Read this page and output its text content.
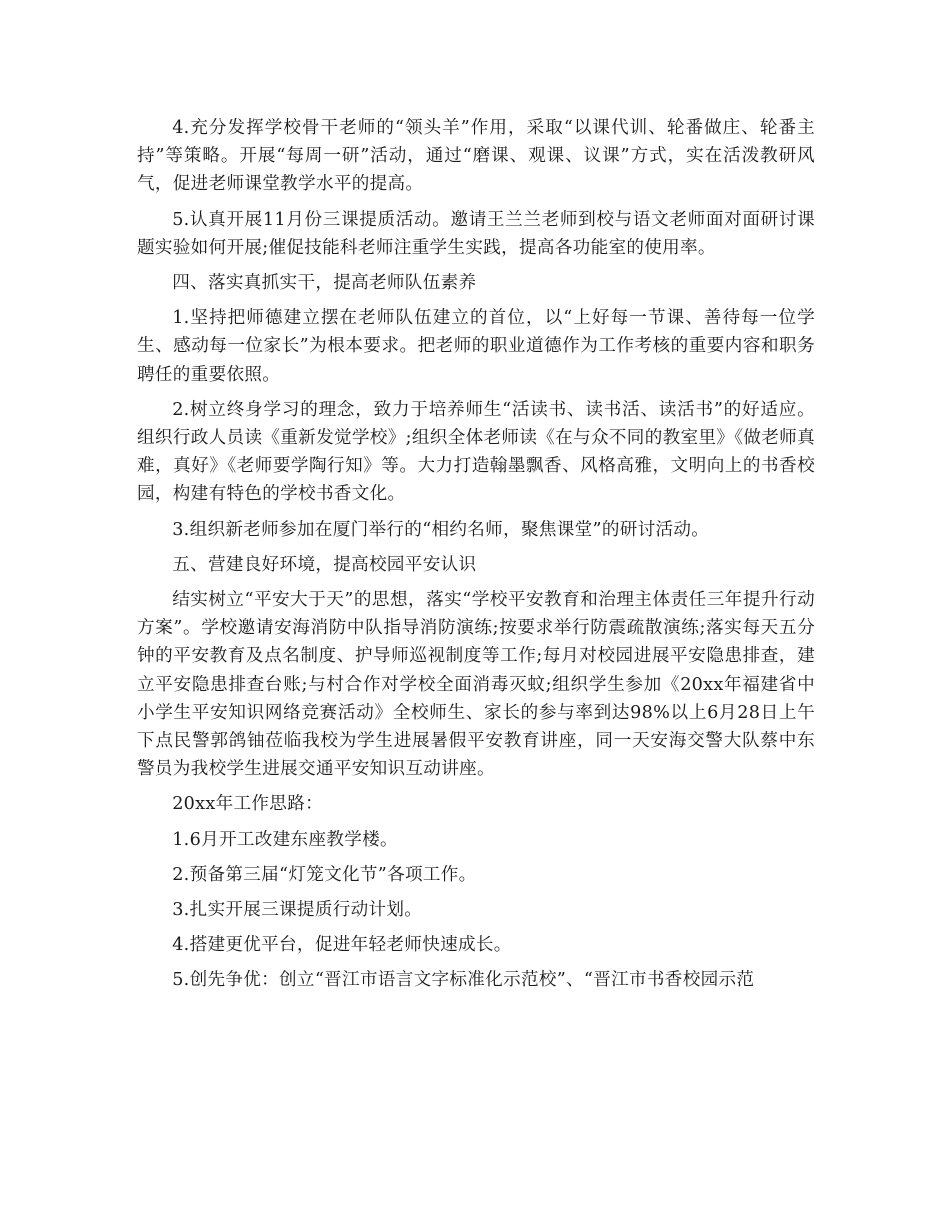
4.充分发挥学校骨干老师的“领头羊”作用，采取“以课代训、轮番做庄、轮番主持”等策略。开展“每周一研”活动，通过“磨课、观课、议课”方式，实在活泼教研风气，促进老师课堂教学水平的提高。

5.认真开展11月份三课提质活动。邀请王兰兰老师到校与语文老师面对面研讨课题实验如何开展;催促技能科老师注重学生实践，提高各功能室的使用率。

四、落实真抓实干，提高老师队伍素养

1.坚持把师德建立摆在老师队伍建立的首位，以“上好每一节课、善待每一位学生、感动每一位家长”为根本要求。把老师的职业道德作为工作考核的重要内容和职务聘任的重要依照。

2.树立终身学习的理念，致力于培养师生“活读书、读书活、读活书”的好适应。组织行政人员读《重新发觉学校》;组织全体老师读《在与众不同的教室里》《做老师真难，真好》《老师要学陶行知》等。大力打造翰墨飘香、风格高雅，文明向上的书香校园，构建有特色的学校书香文化。

3.组织新老师参加在厦门举行的“相约名师，聚焦课堂”的研讨活动。

五、营建良好环境，提高校园平安认识

结实树立“平安大于天”的思想，落实“学校平安教育和治理主体责任三年提升行动方案”。学校邀请安海消防中队指导消防演练;按要求举行防震疏散演练;落实每天五分钟的平安教育及点名制度、护导师巡视制度等工作;每月对校园进展平安隐患排查，建立平安隐患排查台账;与村合作对学校全面消毒灭蚊;组织学生参加《20xx年福建省中小学生平安知识网络竞赛活动》全校师生、家长的参与率到达98%以上6月28日上午下点民警郭鸽铀莅临我校为学生进展暑假平安教育讲座，同一天安海交警大队蔡中东警员为我校学生进展交通平安知识互动讲座。

20xx年工作思路：

1.6月开工改建东座教学楼。

2.预备第三届“灯笼文化节”各项工作。

3.扎实开展三课提质行动计划。

4.搭建更优平台，促进年轻老师快速成长。

5.创先争优：创立“晋江市语言文字标准化示范校”、“晋江市书香校园示范
